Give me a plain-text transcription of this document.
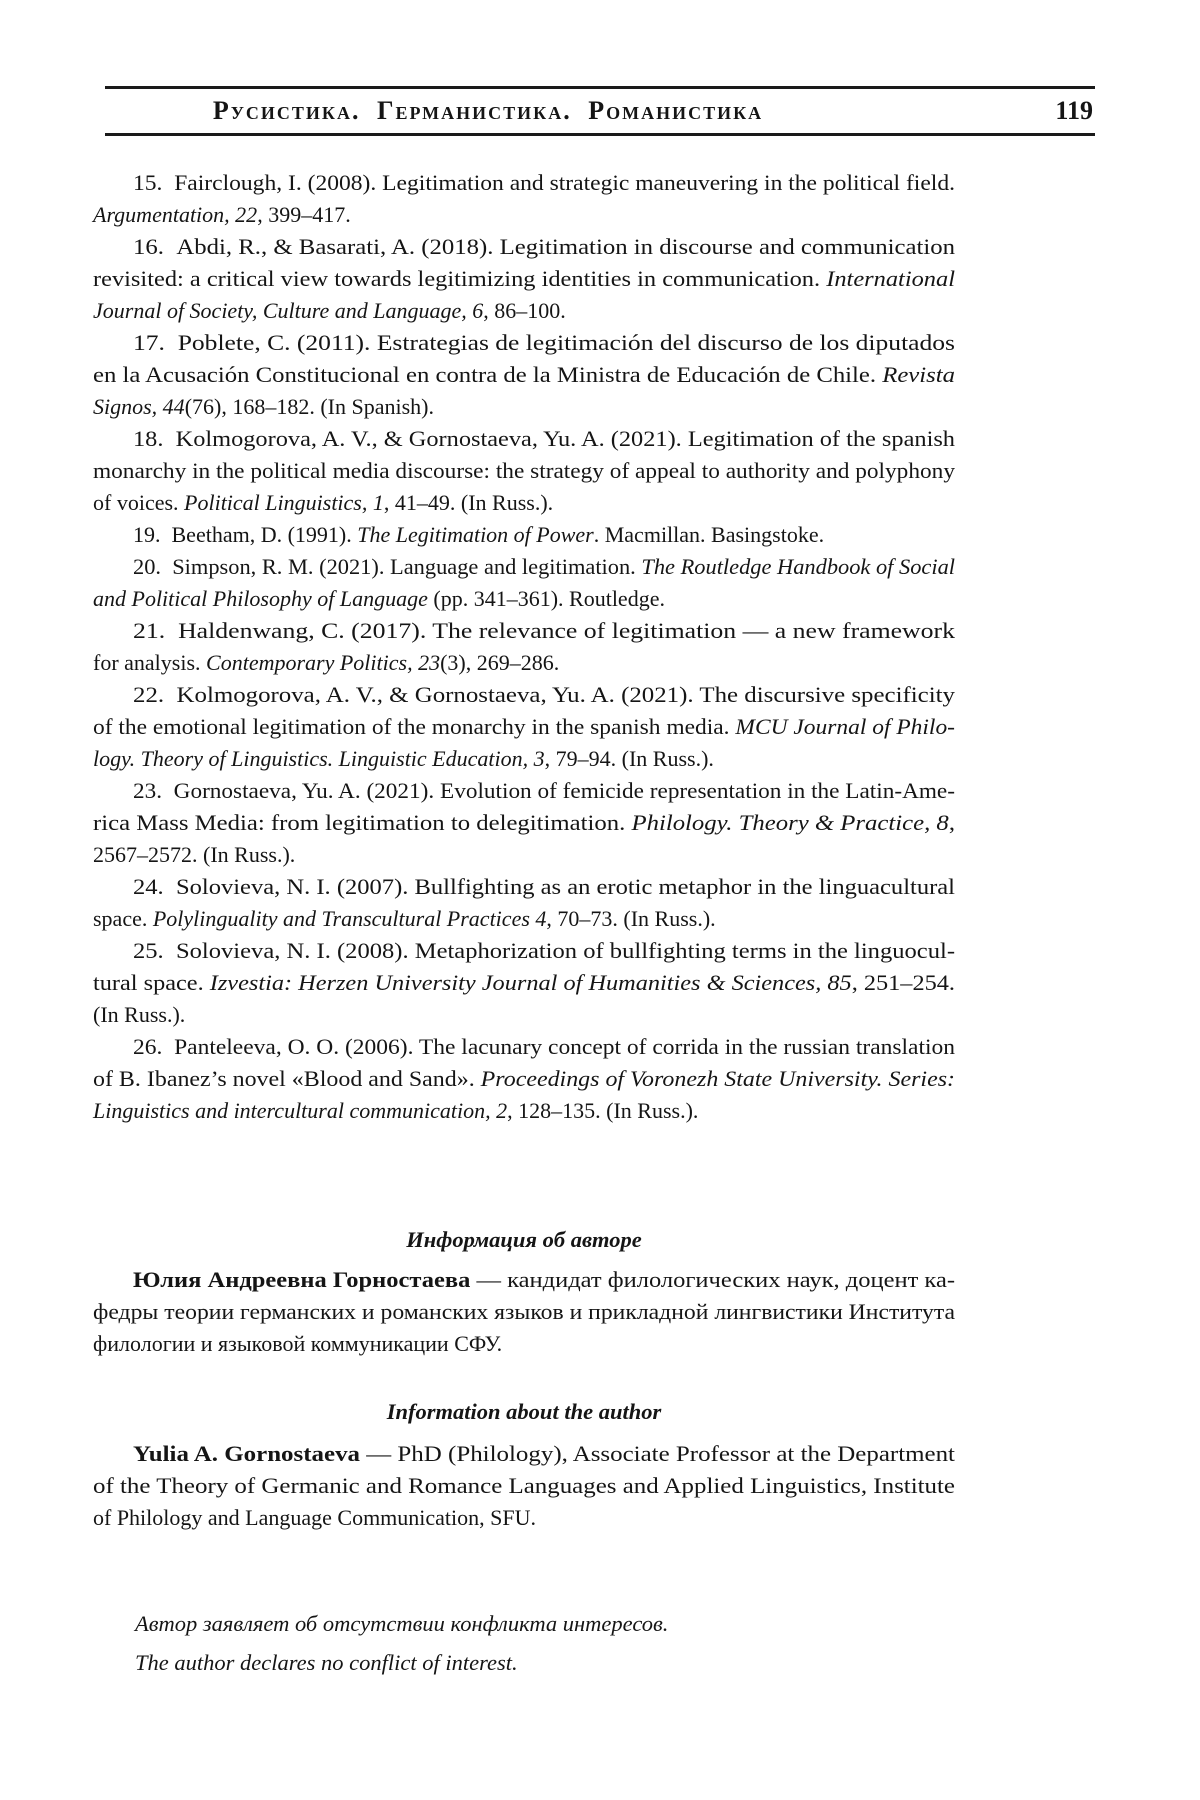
Русистика. Германистика. Романистика	119
15. Fairclough, I. (2008). Legitimation and strategic maneuvering in the political field.
Argumentation, 22, 399–417.
16. Abdi, R., & Basarati, A. (2018). Legitimation in discourse and communication
revisited: a critical view towards legitimizing identities in communication. International
Journal of Society, Culture and Language, 6, 86–100.
17. Poblete, C. (2011). Estrategias de legitimación del discurso de los diputados
en la Acusación Constitucional en contra de la Ministra de Educación de Chile. Revista
Signos, 44(76), 168–182. (In Spanish).
18. Kolmogorova, A. V., & Gornostaeva, Yu. A. (2021). Legitimation of the spanish
monarchy in the political media discourse: the strategy of appeal to authority and polyphony
of voices. Political Linguistics, 1, 41–49. (In Russ.).
19. Beetham, D. (1991). The Legitimation of Power. Macmillan. Basingstoke.
20. Simpson, R. M. (2021). Language and legitimation. The Routledge Handbook of Social
and Political Philosophy of Language (pp. 341–361). Routledge.
21. Haldenwang, C. (2017). The relevance of legitimation — a new framework
for analysis. Contemporary Politics, 23(3), 269–286.
22. Kolmogorova, A. V., & Gornostaeva, Yu. A. (2021). The discursive specificity
of the emotional legitimation of the monarchy in the spanish media. MCU Journal of Philo-
logy. Theory of Linguistics. Linguistic Education, 3, 79–94. (In Russ.).
23. Gornostaeva, Yu. A. (2021). Evolution of femicide representation in the Latin-Ame-
rica Mass Media: from legitimation to delegitimation. Philology. Theory & Practice, 8,
2567–2572. (In Russ.).
24. Solovieva, N. I. (2007). Bullfighting as an erotic metaphor in the linguacultural
space. Polylinguality and Transcultural Practices 4, 70–73. (In Russ.).
25. Solovieva, N. I. (2008). Metaphorization of bullfighting terms in the linguocul-
tural space. Izvestia: Herzen University Journal of Humanities & Sciences, 85, 251–254.
(In Russ.).
26. Panteleeva, O. O. (2006). The lacunary concept of corrida in the russian translation
of B. Ibanez’s novel «Blood and Sand». Proceedings of Voronezh State University. Series:
Linguistics and intercultural communication, 2, 128–135. (In Russ.).
Информация об авторе
Юлия Андреевна Горностаева — кандидат филологических наук, доцент ка-
федры теории германских и романских языков и прикладной лингвистики Института
филологии и языковой коммуникации СФУ.
Information about the author
Yulia A. Gornostaeva — PhD (Philology), Associate Professor at the Department
of the Theory of Germanic and Romance Languages and Applied Linguistics, Institute
of Philology and Language Communication, SFU.
Автор заявляет об отсутствии конфликта интересов.
The author declares no conflict of interest.
